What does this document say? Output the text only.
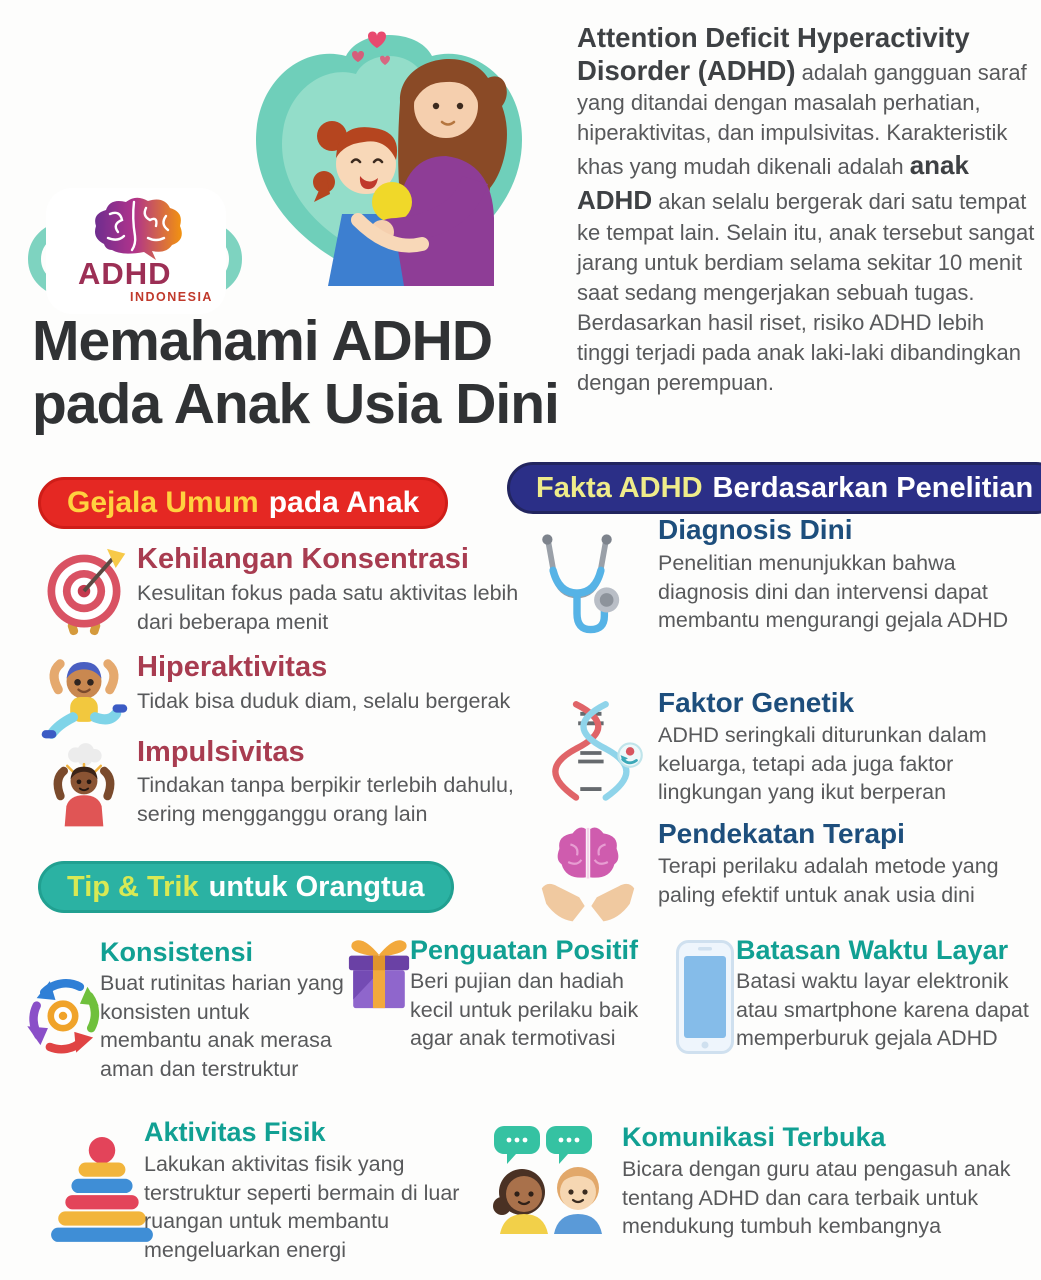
ADHD
INDONESIA
Attention Deficit Hyperactivity Disorder (ADHD) adalah gangguan saraf yang ditandai dengan masalah perhatian, hiperaktivitas, dan impulsivitas. Karakteristik khas yang mudah dikenali adalah anak ADHD akan selalu bergerak dari satu tempat ke tempat lain. Selain itu, anak tersebut sangat jarang untuk berdiam selama sekitar 10 menit saat sedang mengerjakan sebuah tugas. Berdasarkan hasil riset, risiko ADHD lebih tinggi terjadi pada anak laki-laki dibandingkan dengan perempuan.
Memahami ADHD
pada Anak Usia Dini
Gejala Umum pada Anak
Kehilangan Konsentrasi
Kesulitan fokus pada satu aktivitas lebih dari beberapa menit
Hiperaktivitas
Tidak bisa duduk diam, selalu bergerak
Impulsivitas
Tindakan tanpa berpikir terlebih dahulu, sering mengganggu orang lain
Fakta ADHD Berdasarkan Penelitian
Diagnosis Dini
Penelitian menunjukkan bahwa diagnosis dini dan intervensi dapat membantu mengurangi gejala ADHD
Faktor Genetik
ADHD seringkali diturunkan dalam keluarga, tetapi ada juga faktor lingkungan yang ikut berperan
Pendekatan Terapi
Terapi perilaku adalah metode yang paling efektif untuk anak usia dini
Tip & Trik untuk Orangtua
Konsistensi
Buat rutinitas harian yang konsisten untuk membantu anak merasa aman dan terstruktur
Penguatan Positif
Beri pujian dan hadiah kecil untuk perilaku baik agar anak termotivasi
Batasan Waktu Layar
Batasi waktu layar elektronik atau smartphone karena dapat memperburuk gejala ADHD
Aktivitas Fisik
Lakukan aktivitas fisik yang terstruktur seperti bermain di luar ruangan untuk membantu mengeluarkan energi
Komunikasi Terbuka
Bicara dengan guru atau pengasuh anak tentang ADHD dan cara terbaik untuk mendukung tumbuh kembangnya
